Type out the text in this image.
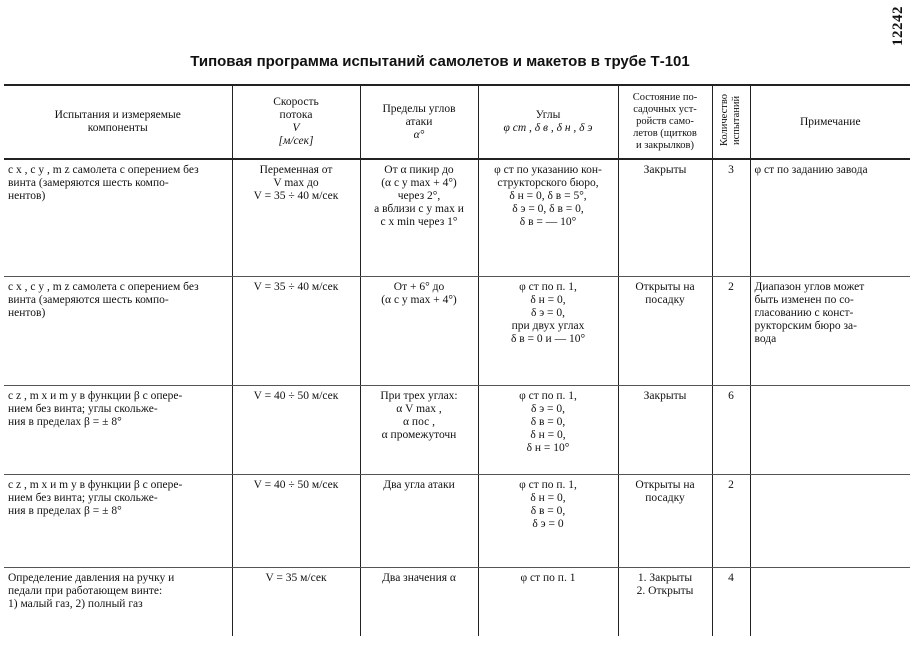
12242
Типовая программа испытаний самолетов и макетов в трубе Т-101
Испытания и измеряемые
компоненты	Скорость
потока
V
[м/сек]	Пределы углов
атаки
α°	Углы
φ ст , δ в , δ н , δ э	Состояние по-
садочных уст-
ройств само-
летов (щитков
и закрылков)	Количество испытаний	Примечание

c x , c y , m z самолета с оперением без
винта (замеряются шесть компо-
нентов)	Переменная от
V max до
V = 35 ÷ 40 м/сек	От α пикир до
(α c y max + 4°)
через 2°,
а вблизи c y max и
c x min через 1°	φ ст по указанию кон-
структорского бюро,
δ н = 0, δ в = 5°,
δ э = 0, δ в = 0,
δ в = — 10°	Закрыты	3	φ ст по заданию завода

c x , c y , m z самолета с оперением без
винта (замеряются шесть компо-
нентов)	V = 35 ÷ 40 м/сек	От + 6° до
(α c y max + 4°)	φ ст по п. 1,
δ н = 0,
δ э = 0,
при двух углах
δ в = 0 и — 10°	Открыты на
посадку	2	Диапазон углов может
быть изменен по со-
гласованию с конст-
рукторским бюро за-
вода

c z , m x и m y в функции β с опере-
нием без винта; углы скольже-
ния в пределах β = ± 8°	V = 40 ÷ 50 м/сек	При трех углах:
α V max ,
α пос ,
α промежуточн	φ ст по п. 1,
δ э = 0,
δ в = 0,
δ н = 0,
δ н = 10°	Закрыты	6	

c z , m x и m y в функции β с опере-
нием без винта; углы скольже-
ния в пределах β = ± 8°	V = 40 ÷ 50 м/сек	Два угла атаки	φ ст по п. 1,
δ н = 0,
δ в = 0,
δ э = 0	Открыты на
посадку	2	

Определение давления на ручку и
педали при работающем винте:
1) малый газ, 2) полный газ	V = 35 м/сек	Два значения α	φ ст по п. 1	1. Закрыты
2. Открыты	4	
